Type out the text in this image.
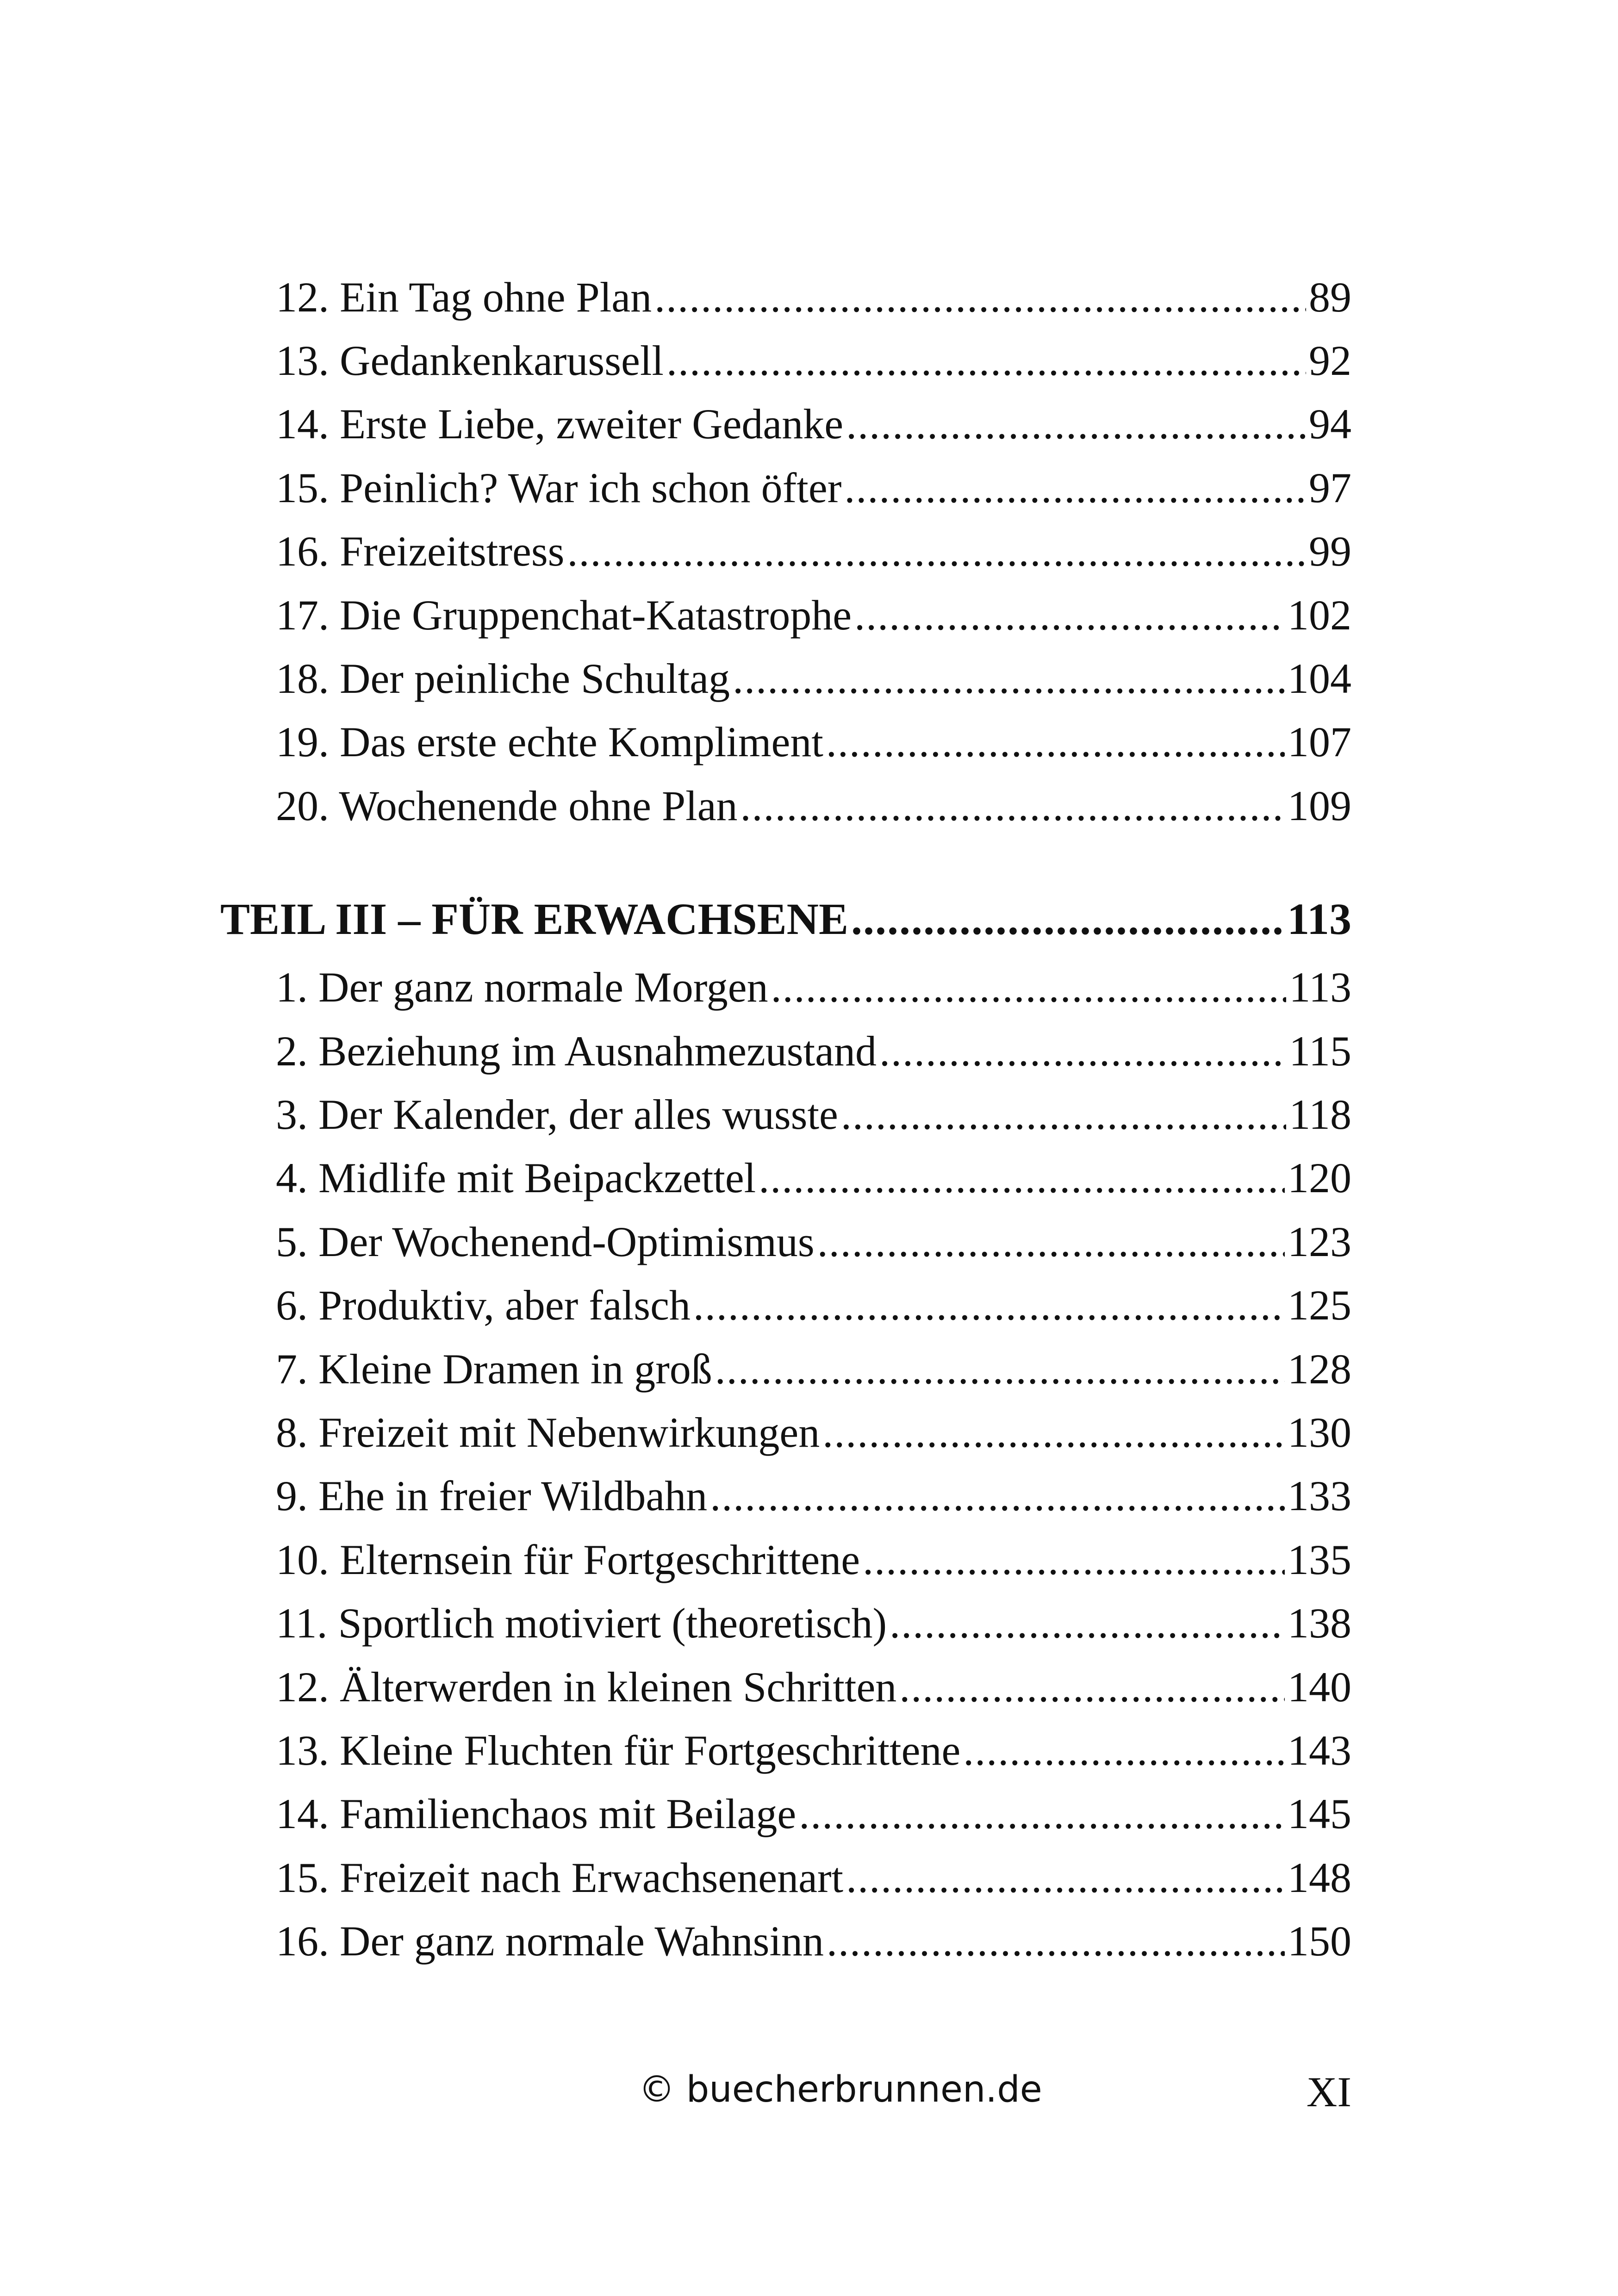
12. Ein Tag ohne Plan .....	89
13. Gedankenkarussell .....	92
14. Erste Liebe, zweiter Gedanke .....	94
15. Peinlich? War ich schon öfter .....	97
16. Freizeitstress .....	99
17. Die Gruppenchat-Katastrophe .....	102
18. Der peinliche Schultag .....	104
19. Das erste echte Kompliment .....	107
20. Wochenende ohne Plan .....	109
TEIL III – FÜR ERWACHSENE .....	113
1. Der ganz normale Morgen .....	113
2. Beziehung im Ausnahmezustand .....	115
3. Der Kalender, der alles wusste .....	118
4. Midlife mit Beipackzettel .....	120
5. Der Wochenend-Optimismus .....	123
6. Produktiv, aber falsch .....	125
7. Kleine Dramen in groß .....	128
8. Freizeit mit Nebenwirkungen .....	130
9. Ehe in freier Wildbahn .....	133
10. Elternsein für Fortgeschrittene .....	135
11. Sportlich motiviert (theoretisch) .....	138
12. Älterwerden in kleinen Schritten .....	140
13. Kleine Fluchten für Fortgeschrittene .....	143
14. Familienchaos mit Beilage .....	145
15. Freizeit nach Erwachsenenart .....	148
16. Der ganz normale Wahnsinn .....	150
© buecherbrunnen.de	XI
